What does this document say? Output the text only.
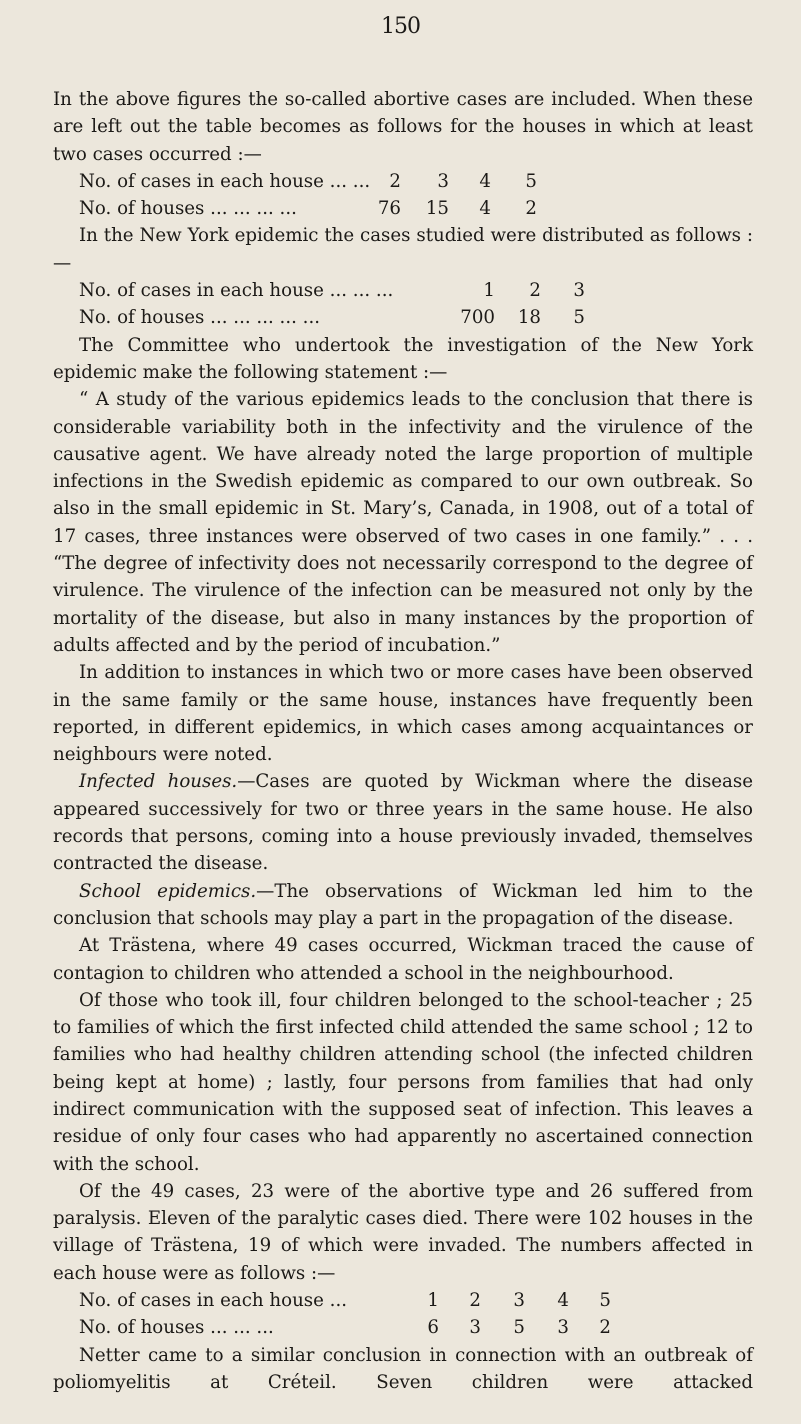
150

In the above figures the so-called abortive cases are included. When these are left out the table becomes as follows for the houses in which at least two cases occurred :—

No. of cases in each house ... ...	2	3	4	5
No. of houses ... ... ... ...	76	15	4	2

In the New York epidemic the cases studied were distributed as follows :—

No. of cases in each house ... ... ...	1	2	3
No. of houses ... ... ... ... ...	700	18	5

The Committee who undertook the investigation of the New York epidemic make the following statement :—

“ A study of the various epidemics leads to the conclusion that there is considerable variability both in the infectivity and the virulence of the causative agent. We have already noted the large proportion of multiple infections in the Swedish epidemic as compared to our own outbreak. So also in the small epidemic in St. Mary’s, Canada, in 1908, out of a total of 17 cases, three instances were observed of two cases in one family.” . . . “The degree of infectivity does not necessarily correspond to the degree of virulence. The virulence of the infection can be measured not only by the mortality of the disease, but also in many instances by the proportion of adults affected and by the period of incubation.”

In addition to instances in which two or more cases have been observed in the same family or the same house, instances have frequently been reported, in different epidemics, in which cases among acquaintances or neighbours were noted.

Infected houses.—Cases are quoted by Wickman where the disease appeared successively for two or three years in the same house. He also records that persons, coming into a house previously invaded, themselves contracted the disease.

School epidemics.—The observations of Wickman led him to the conclusion that schools may play a part in the propagation of the disease.

At Trästena, where 49 cases occurred, Wickman traced the cause of contagion to children who attended a school in the neighbourhood.

Of those who took ill, four children belonged to the school-teacher ; 25 to families of which the first infected child attended the same school ; 12 to families who had healthy children attending school (the infected children being kept at home) ; lastly, four persons from families that had only indirect communication with the supposed seat of infection. This leaves a residue of only four cases who had apparently no ascertained connection with the school.

Of the 49 cases, 23 were of the abortive type and 26 suffered from paralysis. Eleven of the paralytic cases died. There were 102 houses in the village of Trästena, 19 of which were invaded. The numbers affected in each house were as follows :—

No. of cases in each house ...	1	2	3	4	5
No. of houses ... ... ...	6	3	5	3	2

Netter came to a similar conclusion in connection with an outbreak of poliomyelitis at Créteil. Seven children were attacked
